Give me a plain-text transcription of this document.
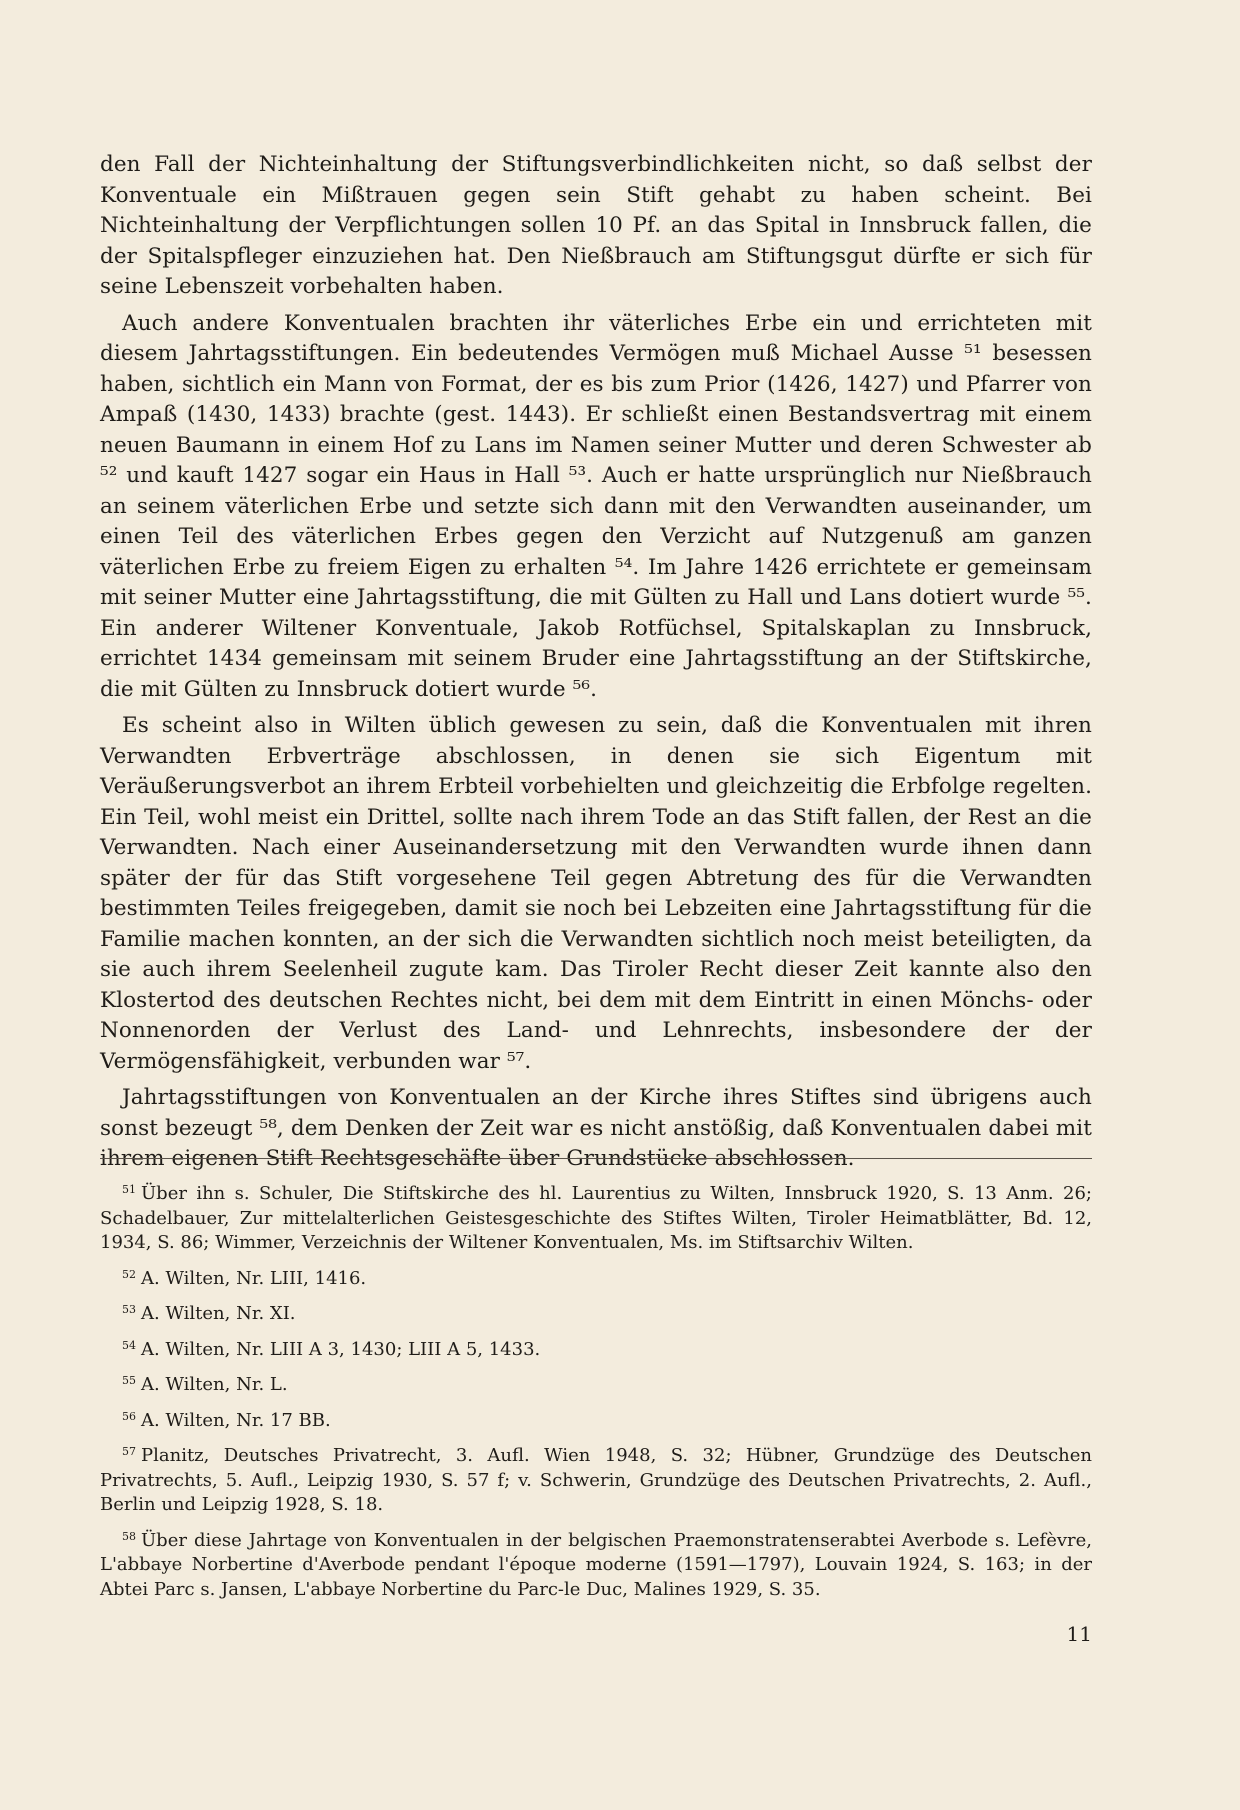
den Fall der Nichteinhaltung der Stiftungsverbindlichkeiten nicht, so daß selbst der Konventuale ein Mißtrauen gegen sein Stift gehabt zu haben scheint. Bei Nichteinhaltung der Verpflichtungen sollen 10 Pf. an das Spital in Innsbruck fallen, die der Spitalspfleger einzuziehen hat. Den Nießbrauch am Stiftungsgut dürfte er sich für seine Lebenszeit vorbehalten haben.

Auch andere Konventualen brachten ihr väterliches Erbe ein und errichteten mit diesem Jahrtagsstiftungen. Ein bedeutendes Vermögen muß Michael Ausse ⁵¹ besessen haben, sichtlich ein Mann von Format, der es bis zum Prior (1426, 1427) und Pfarrer von Ampaß (1430, 1433) brachte (gest. 1443). Er schließt einen Bestandsvertrag mit einem neuen Baumann in einem Hof zu Lans im Namen seiner Mutter und deren Schwester ab ⁵² und kauft 1427 sogar ein Haus in Hall ⁵³. Auch er hatte ursprünglich nur Nießbrauch an seinem väterlichen Erbe und setzte sich dann mit den Verwandten auseinander, um einen Teil des väterlichen Erbes gegen den Verzicht auf Nutzgenuß am ganzen väterlichen Erbe zu freiem Eigen zu erhalten ⁵⁴. Im Jahre 1426 errichtete er gemeinsam mit seiner Mutter eine Jahrtagsstiftung, die mit Gülten zu Hall und Lans dotiert wurde ⁵⁵. Ein anderer Wiltener Konventuale, Jakob Rotfüchsel, Spitalskaplan zu Innsbruck, errichtet 1434 gemeinsam mit seinem Bruder eine Jahrtagsstiftung an der Stiftskirche, die mit Gülten zu Innsbruck dotiert wurde ⁵⁶.

Es scheint also in Wilten üblich gewesen zu sein, daß die Konventualen mit ihren Verwandten Erbverträge abschlossen, in denen sie sich Eigentum mit Veräußerungsverbot an ihrem Erbteil vorbehielten und gleichzeitig die Erbfolge regelten. Ein Teil, wohl meist ein Drittel, sollte nach ihrem Tode an das Stift fallen, der Rest an die Verwandten. Nach einer Auseinandersetzung mit den Verwandten wurde ihnen dann später der für das Stift vorgesehene Teil gegen Abtretung des für die Verwandten bestimmten Teiles freigegeben, damit sie noch bei Lebzeiten eine Jahrtagsstiftung für die Familie machen konnten, an der sich die Verwandten sichtlich noch meist beteiligten, da sie auch ihrem Seelenheil zugute kam. Das Tiroler Recht dieser Zeit kannte also den Klostertod des deutschen Rechtes nicht, bei dem mit dem Eintritt in einen Mönchs- oder Nonnenorden der Verlust des Land- und Lehnrechts, insbesondere der der Vermögensfähigkeit, verbunden war ⁵⁷.

Jahrtagsstiftungen von Konventualen an der Kirche ihres Stiftes sind übrigens auch sonst bezeugt ⁵⁸, dem Denken der Zeit war es nicht anstößig, daß Konventualen dabei mit ihrem eigenen Stift Rechtsgeschäfte über Grundstücke abschlossen.

$^{51}$ Über ihn s. Schuler, Die Stiftskirche des hl. Laurentius zu Wilten, Innsbruck 1920, S. 13 Anm. 26; Schadelbauer, Zur mittelalterlichen Geistesgeschichte des Stiftes Wilten, Tiroler Heimatblätter, Bd. 12, 1934, S. 86; Wimmer, Verzeichnis der Wiltener Konventualen, Ms. im Stiftsarchiv Wilten.

$^{52}$ A. Wilten, Nr. LIII, 1416.

$^{53}$ A. Wilten, Nr. XI.

$^{54}$ A. Wilten, Nr. LIII A 3, 1430; LIII A 5, 1433.

$^{55}$ A. Wilten, Nr. L.

$^{56}$ A. Wilten, Nr. 17 BB.

$^{57}$ Planitz, Deutsches Privatrecht, 3. Aufl. Wien 1948, S. 32; Hübner, Grundzüge des Deutschen Privatrechts, 5. Aufl., Leipzig 1930, S. 57 f; v. Schwerin, Grundzüge des Deutschen Privatrechts, 2. Aufl., Berlin und Leipzig 1928, S. 18.

$^{58}$ Über diese Jahrtage von Konventualen in der belgischen Praemonstratenserabtei Averbode s. Lefèvre, L'abbaye Norbertine d'Averbode pendant l'époque moderne (1591—1797), Louvain 1924, S. 163; in der Abtei Parc s. Jansen, L'abbaye Norbertine du Parc-le Duc, Malines 1929, S. 35.

11
